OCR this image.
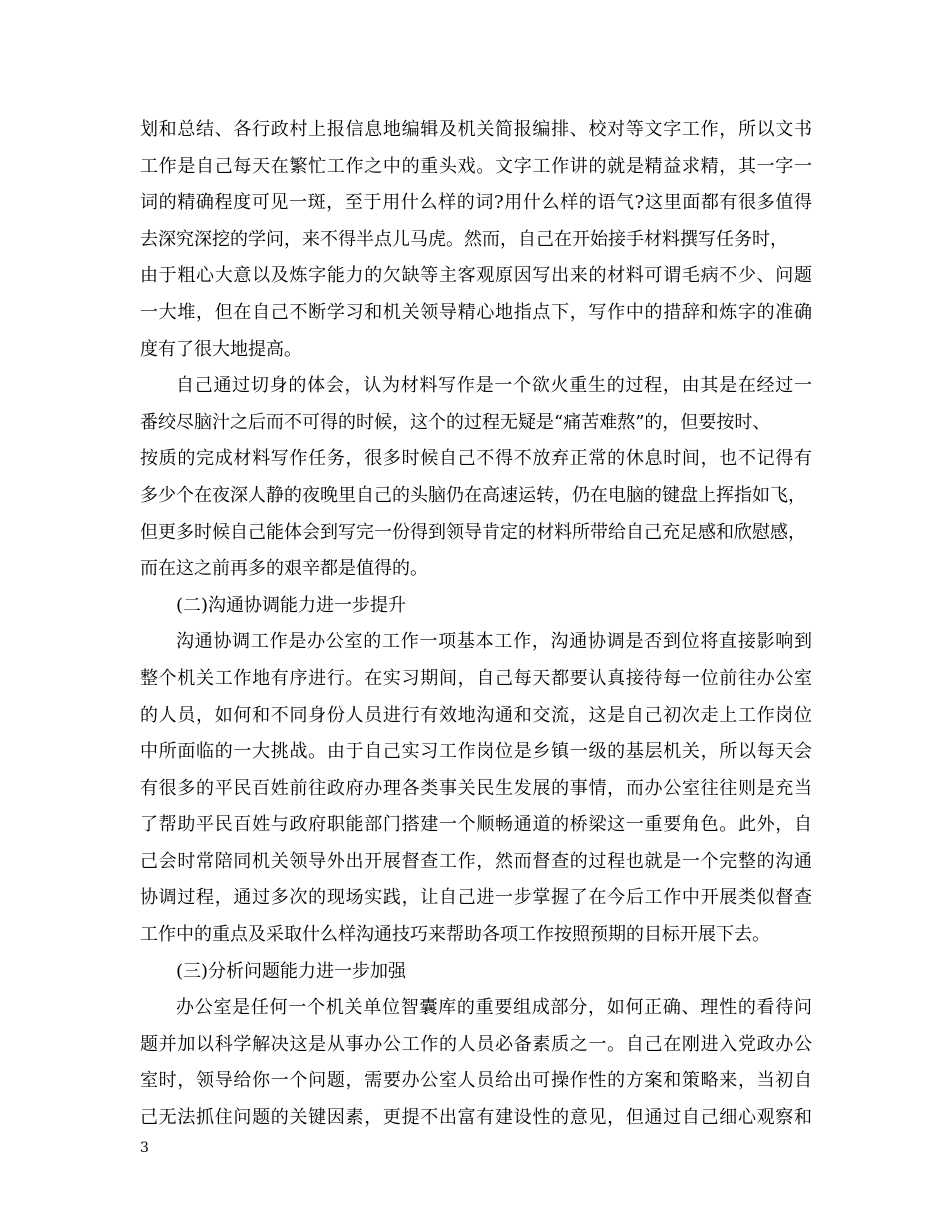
划和总结、各行政村上报信息地编辑及机关简报编排、校对等文字工作，所以文书
工作是自己每天在繁忙工作之中的重头戏。文字工作讲的就是精益求精，其一字一
词的精确程度可见一斑，至于用什么样的词?用什么样的语气?这里面都有很多值得
去深究深挖的学问，来不得半点儿马虎。然而，自己在开始接手材料撰写任务时，
由于粗心大意以及炼字能力的欠缺等主客观原因写出来的材料可谓毛病不少、问题
一大堆，但在自己不断学习和机关领导精心地指点下，写作中的措辞和炼字的准确
度有了很大地提高。
自己通过切身的体会，认为材料写作是一个欲火重生的过程，由其是在经过一
番绞尽脑汁之后而不可得的时候，这个的过程无疑是“痛苦难熬”的，但要按时、
按质的完成材料写作任务，很多时候自己不得不放弃正常的休息时间，也不记得有
多少个在夜深人静的夜晚里自己的头脑仍在高速运转，仍在电脑的键盘上挥指如飞，
但更多时候自己能体会到写完一份得到领导肯定的材料所带给自己充足感和欣慰感，
而在这之前再多的艰辛都是值得的。
(二)沟通协调能力进一步提升
沟通协调工作是办公室的工作一项基本工作，沟通协调是否到位将直接影响到
整个机关工作地有序进行。在实习期间，自己每天都要认真接待每一位前往办公室
的人员，如何和不同身份人员进行有效地沟通和交流，这是自己初次走上工作岗位
中所面临的一大挑战。由于自己实习工作岗位是乡镇一级的基层机关，所以每天会
有很多的平民百姓前往政府办理各类事关民生发展的事情，而办公室往往则是充当
了帮助平民百姓与政府职能部门搭建一个顺畅通道的桥梁这一重要角色。此外，自
己会时常陪同机关领导外出开展督查工作，然而督查的过程也就是一个完整的沟通
协调过程，通过多次的现场实践，让自己进一步掌握了在今后工作中开展类似督查
工作中的重点及采取什么样沟通技巧来帮助各项工作按照预期的目标开展下去。
(三)分析问题能力进一步加强
办公室是任何一个机关单位智囊库的重要组成部分，如何正确、理性的看待问
题并加以科学解决这是从事办公工作的人员必备素质之一。自己在刚进入党政办公
室时，领导给你一个问题，需要办公室人员给出可操作性的方案和策略来，当初自
己无法抓住问题的关键因素，更提不出富有建设性的意见，但通过自己细心观察和
3
